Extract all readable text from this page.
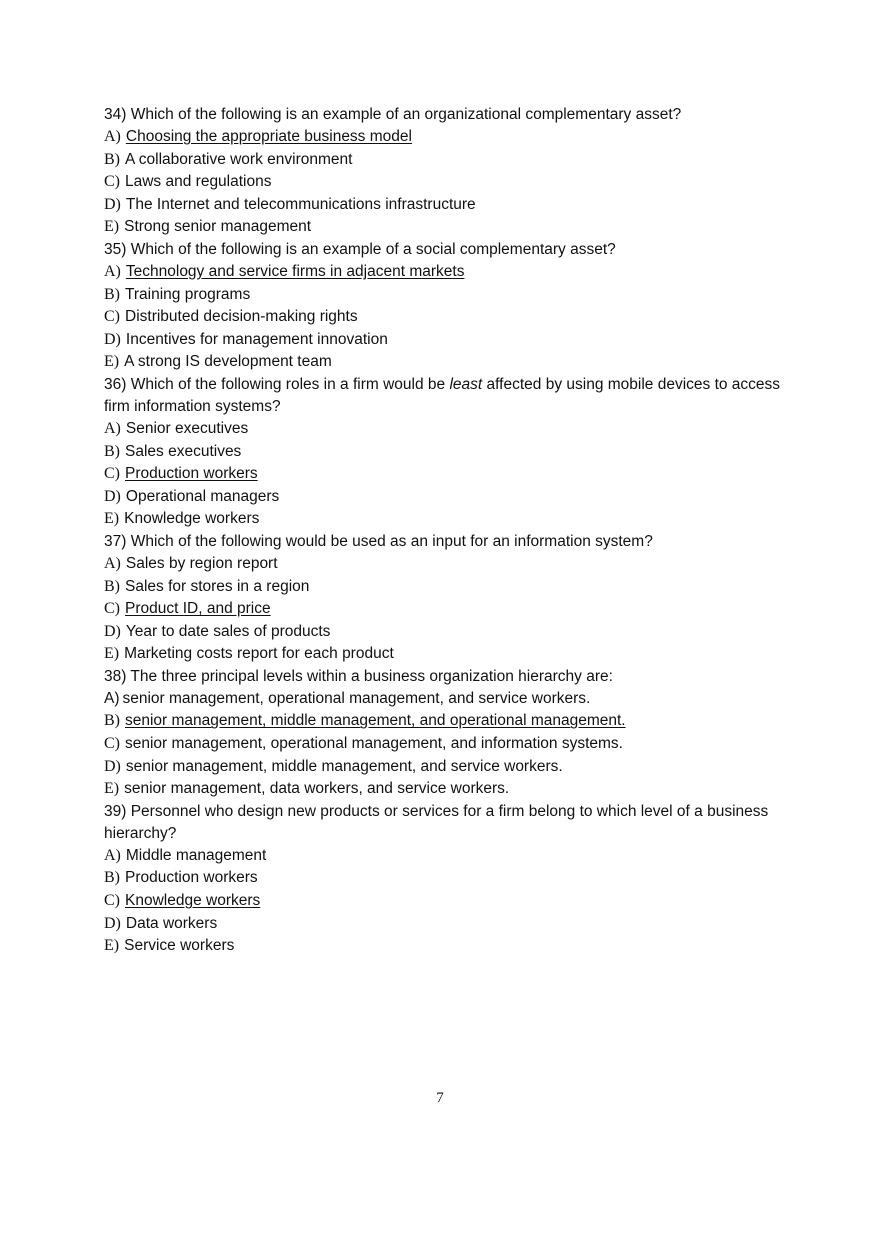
...
34) Which of the following is an example of an organizational complementary asset?
A) Choosing the appropriate business model
B) A collaborative work environment
C) Laws and regulations
D) The Internet and telecommunications infrastructure
E) Strong senior management
35) Which of the following is an example of a social complementary asset?
A) Technology and service firms in adjacent markets
B) Training programs
C) Distributed decision-making rights
D) Incentives for management innovation
E) A strong IS development team
36) Which of the following roles in a firm would be least affected by using mobile devices to access firm information systems?
A) Senior executives
B) Sales executives
C) Production workers
D) Operational managers
E) Knowledge workers
37) Which of the following would be used as an input for an information system?
A) Sales by region report
B) Sales for stores in a region
C) Product ID, and price
D) Year to date sales of products
E) Marketing costs report for each product
38) The three principal levels within a business organization hierarchy are:
A) senior management, operational management, and service workers.
B) senior management, middle management, and operational management.
C) senior management, operational management, and information systems.
D) senior management, middle management, and service workers.
E) senior management, data workers, and service workers.
39) Personnel who design new products or services for a firm belong to which level of a business hierarchy?
A) Middle management
B) Production workers
C) Knowledge workers
D) Data workers
E) Service workers
7
